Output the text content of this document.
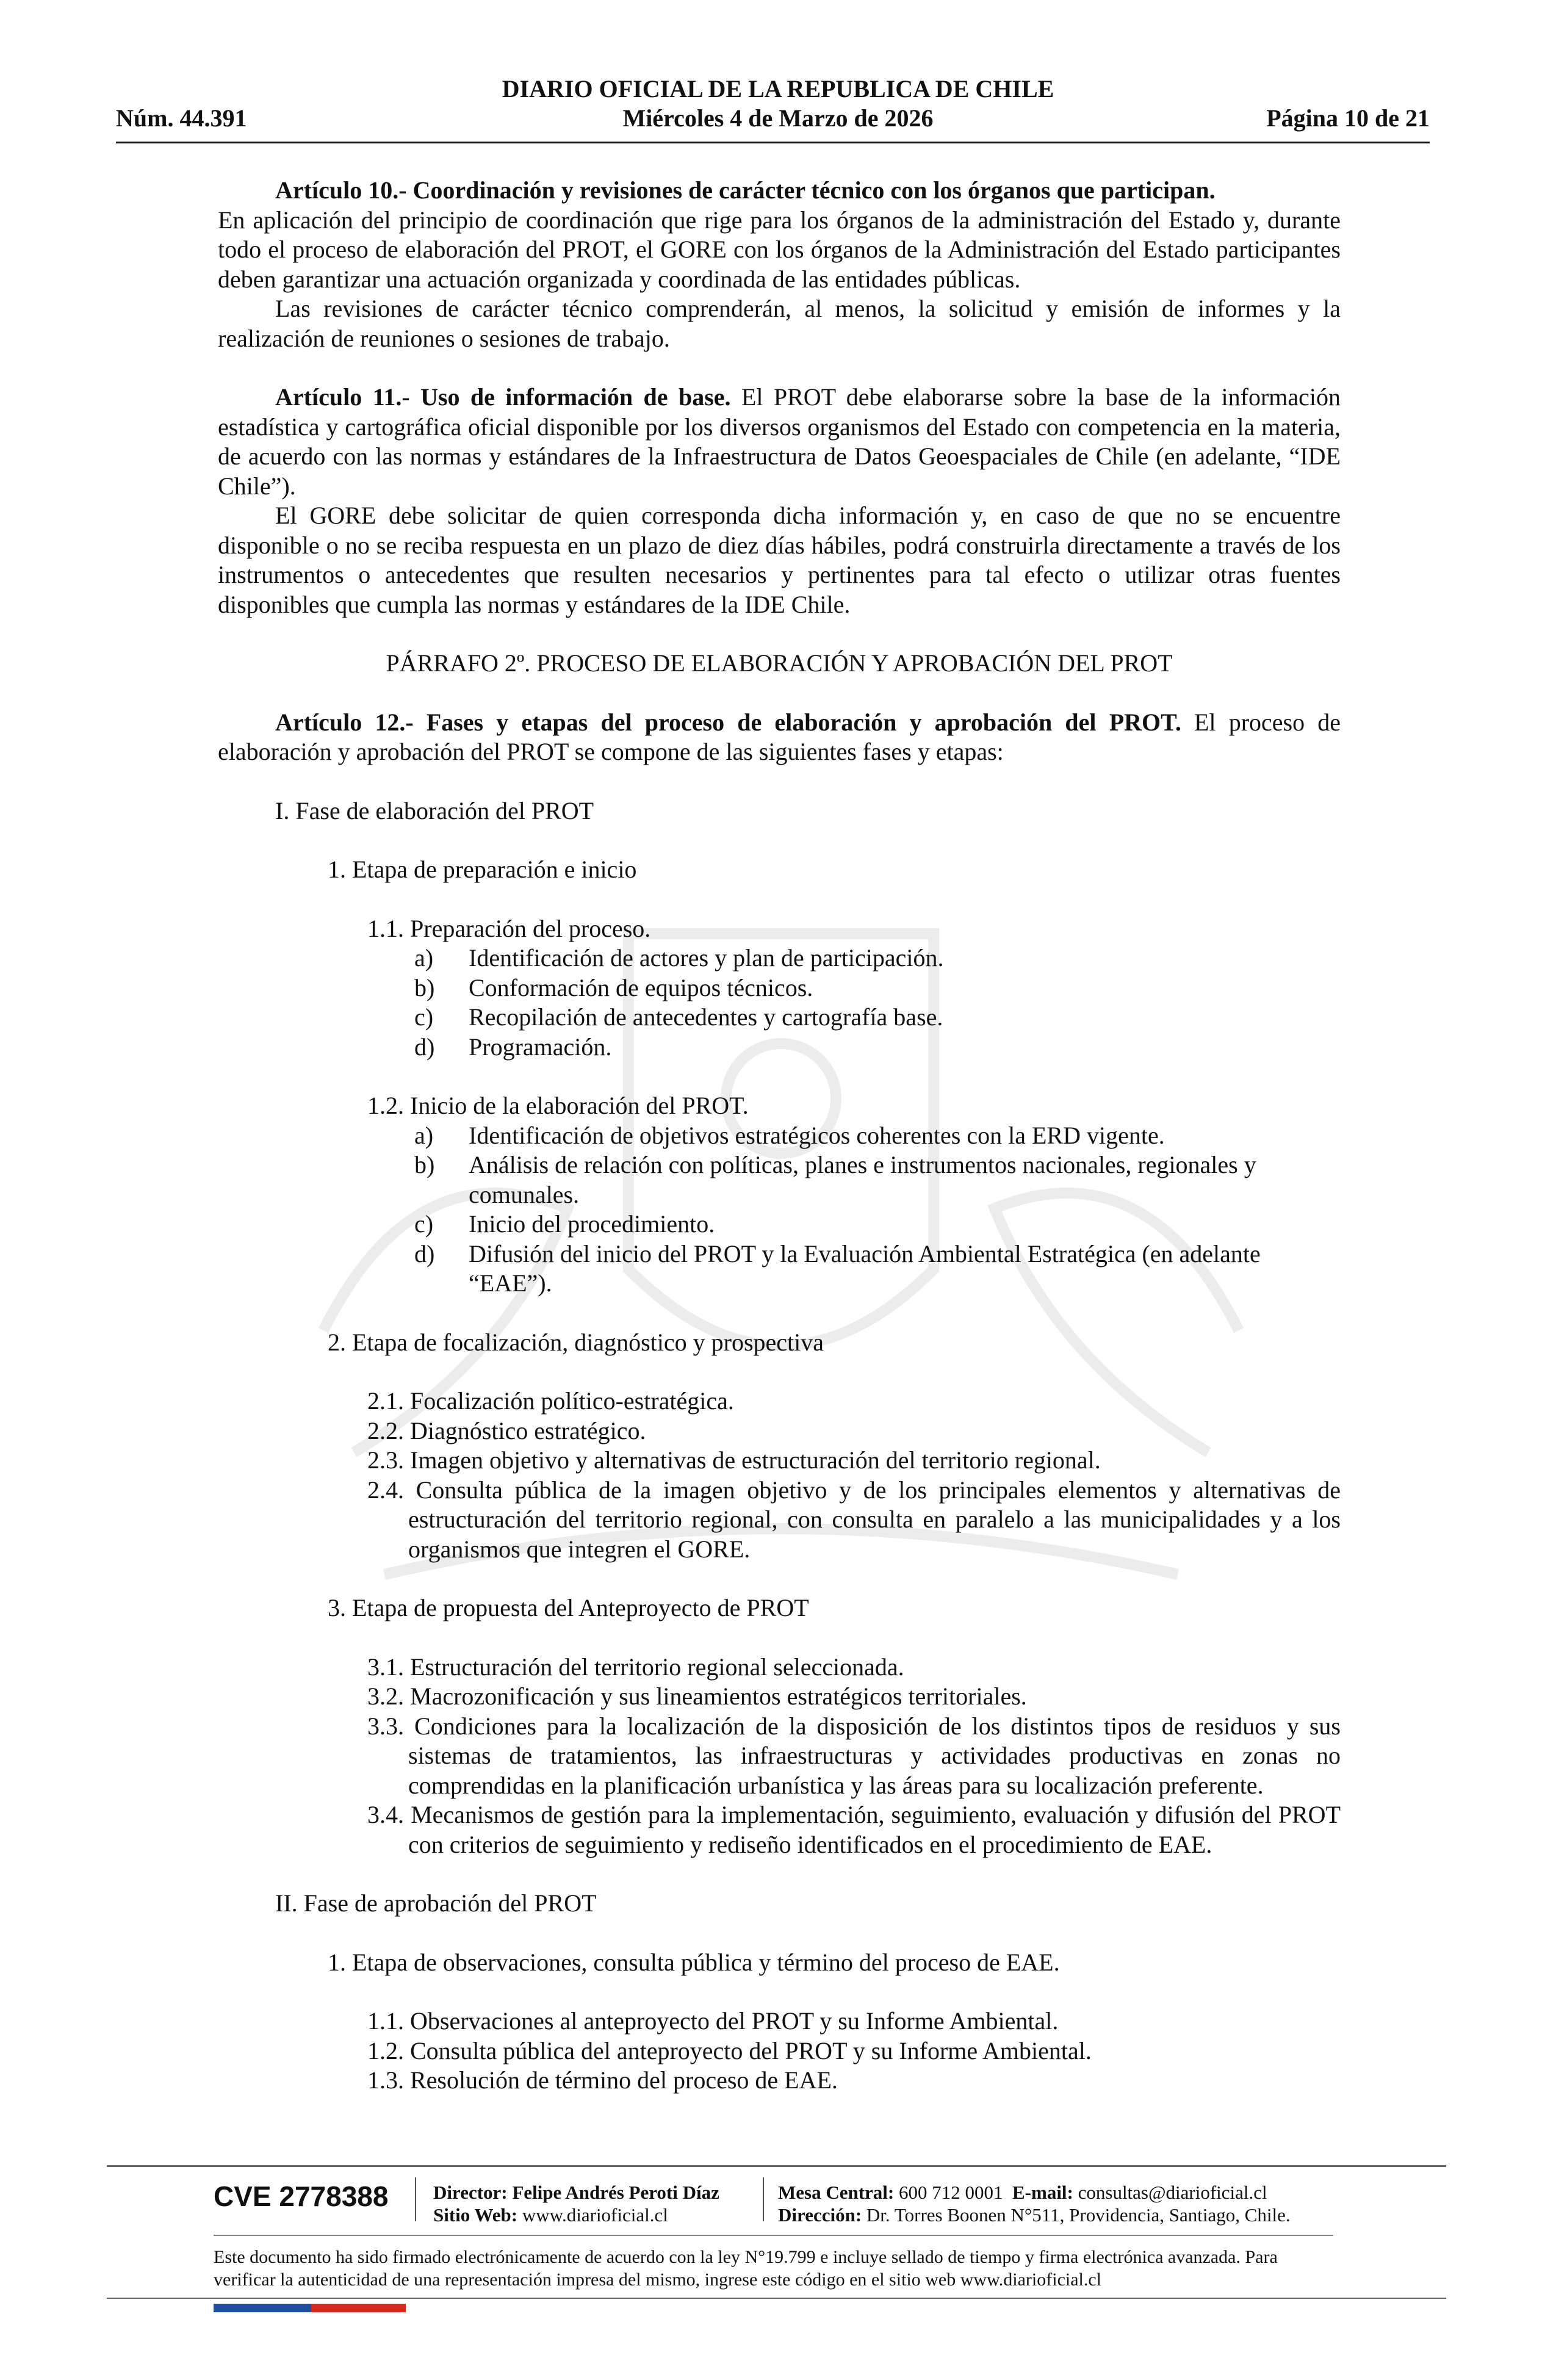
DIARIO OFICIAL DE LA REPUBLICA DE CHILE
Miércoles 4 de Marzo de 2026
Núm. 44.391	Página 10 de 21

Artículo 10.- Coordinación y revisiones de carácter técnico con los órganos que participan.

En aplicación del principio de coordinación que rige para los órganos de la administración del Estado y, durante todo el proceso de elaboración del PROT, el GORE con los órganos de la Administración del Estado participantes deben garantizar una actuación organizada y coordinada de las entidades públicas.

Las revisiones de carácter técnico comprenderán, al menos, la solicitud y emisión de informes y la realización de reuniones o sesiones de trabajo.

Artículo 11.- Uso de información de base. El PROT debe elaborarse sobre la base de la información estadística y cartográfica oficial disponible por los diversos organismos del Estado con competencia en la materia, de acuerdo con las normas y estándares de la Infraestructura de Datos Geoespaciales de Chile (en adelante, “IDE Chile”).

El GORE debe solicitar de quien corresponda dicha información y, en caso de que no se encuentre disponible o no se reciba respuesta en un plazo de diez días hábiles, podrá construirla directamente a través de los instrumentos o antecedentes que resulten necesarios y pertinentes para tal efecto o utilizar otras fuentes disponibles que cumpla las normas y estándares de la IDE Chile.

PÁRRAFO 2º. PROCESO DE ELABORACIÓN Y APROBACIÓN DEL PROT

Artículo 12.- Fases y etapas del proceso de elaboración y aprobación del PROT. El proceso de elaboración y aprobación del PROT se compone de las siguientes fases y etapas:

I. Fase de elaboración del PROT

1. Etapa de preparación e inicio

1.1. Preparación del proceso.

a) Identificación de actores y plan de participación.
b) Conformación de equipos técnicos.
c) Recopilación de antecedentes y cartografía base.
d) Programación.

1.2. Inicio de la elaboración del PROT.

a) Identificación de objetivos estratégicos coherentes con la ERD vigente.
b) Análisis de relación con políticas, planes e instrumentos nacionales, regionales y comunales.
c) Inicio del procedimiento.
d) Difusión del inicio del PROT y la Evaluación Ambiental Estratégica (en adelante “EAE”).

2. Etapa de focalización, diagnóstico y prospectiva

2.1. Focalización político-estratégica.

2.2. Diagnóstico estratégico.

2.3. Imagen objetivo y alternativas de estructuración del territorio regional.

2.4. Consulta pública de la imagen objetivo y de los principales elementos y alternativas de estructuración del territorio regional, con consulta en paralelo a las municipalidades y a los organismos que integren el GORE.

3. Etapa de propuesta del Anteproyecto de PROT

3.1. Estructuración del territorio regional seleccionada.

3.2. Macrozonificación y sus lineamientos estratégicos territoriales.

3.3. Condiciones para la localización de la disposición de los distintos tipos de residuos y sus sistemas de tratamientos, las infraestructuras y actividades productivas en zonas no comprendidas en la planificación urbanística y las áreas para su localización preferente.

3.4. Mecanismos de gestión para la implementación, seguimiento, evaluación y difusión del PROT con criterios de seguimiento y rediseño identificados en el procedimiento de EAE.

II. Fase de aprobación del PROT

1. Etapa de observaciones, consulta pública y término del proceso de EAE.

1.1. Observaciones al anteproyecto del PROT y su Informe Ambiental.

1.2. Consulta pública del anteproyecto del PROT y su Informe Ambiental.

1.3. Resolución de término del proceso de EAE.

CVE 2778388 Director: Felipe Andrés Peroti Díaz
Sitio Web: www.diarioficial.cl
Mesa Central: 600 712 0001 E-mail: consultas@diarioficial.cl
Dirección: Dr. Torres Boonen N°511, Providencia, Santiago, Chile.
Este documento ha sido firmado electrónicamente de acuerdo con la ley N°19.799 e incluye sellado de tiempo y firma electrónica avanzada. Para verificar la autenticidad de una representación impresa del mismo, ingrese este código en el sitio web www.diarioficial.cl
